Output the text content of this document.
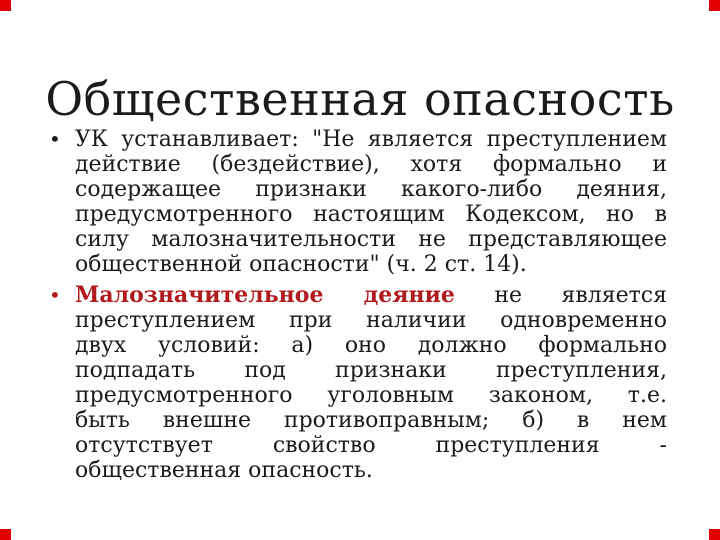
Общественная опасность
• УК устанавливает: "Не является преступлением
действие (бездействие), хотя формально и
содержащее признаки какого-либо деяния,
предусмотренного настоящим Кодексом, но в
силу малозначительности не представляющее
общественной опасности" (ч. 2 ст. 14).
• Малозначительное деяние не является
преступлением при наличии одновременно
двух условий: а) оно должно формально
подпадать под признаки преступления,
предусмотренного уголовным законом, т.е.
быть внешне противоправным; б) в нем
отсутствует свойство преступления -
общественная опасность.
